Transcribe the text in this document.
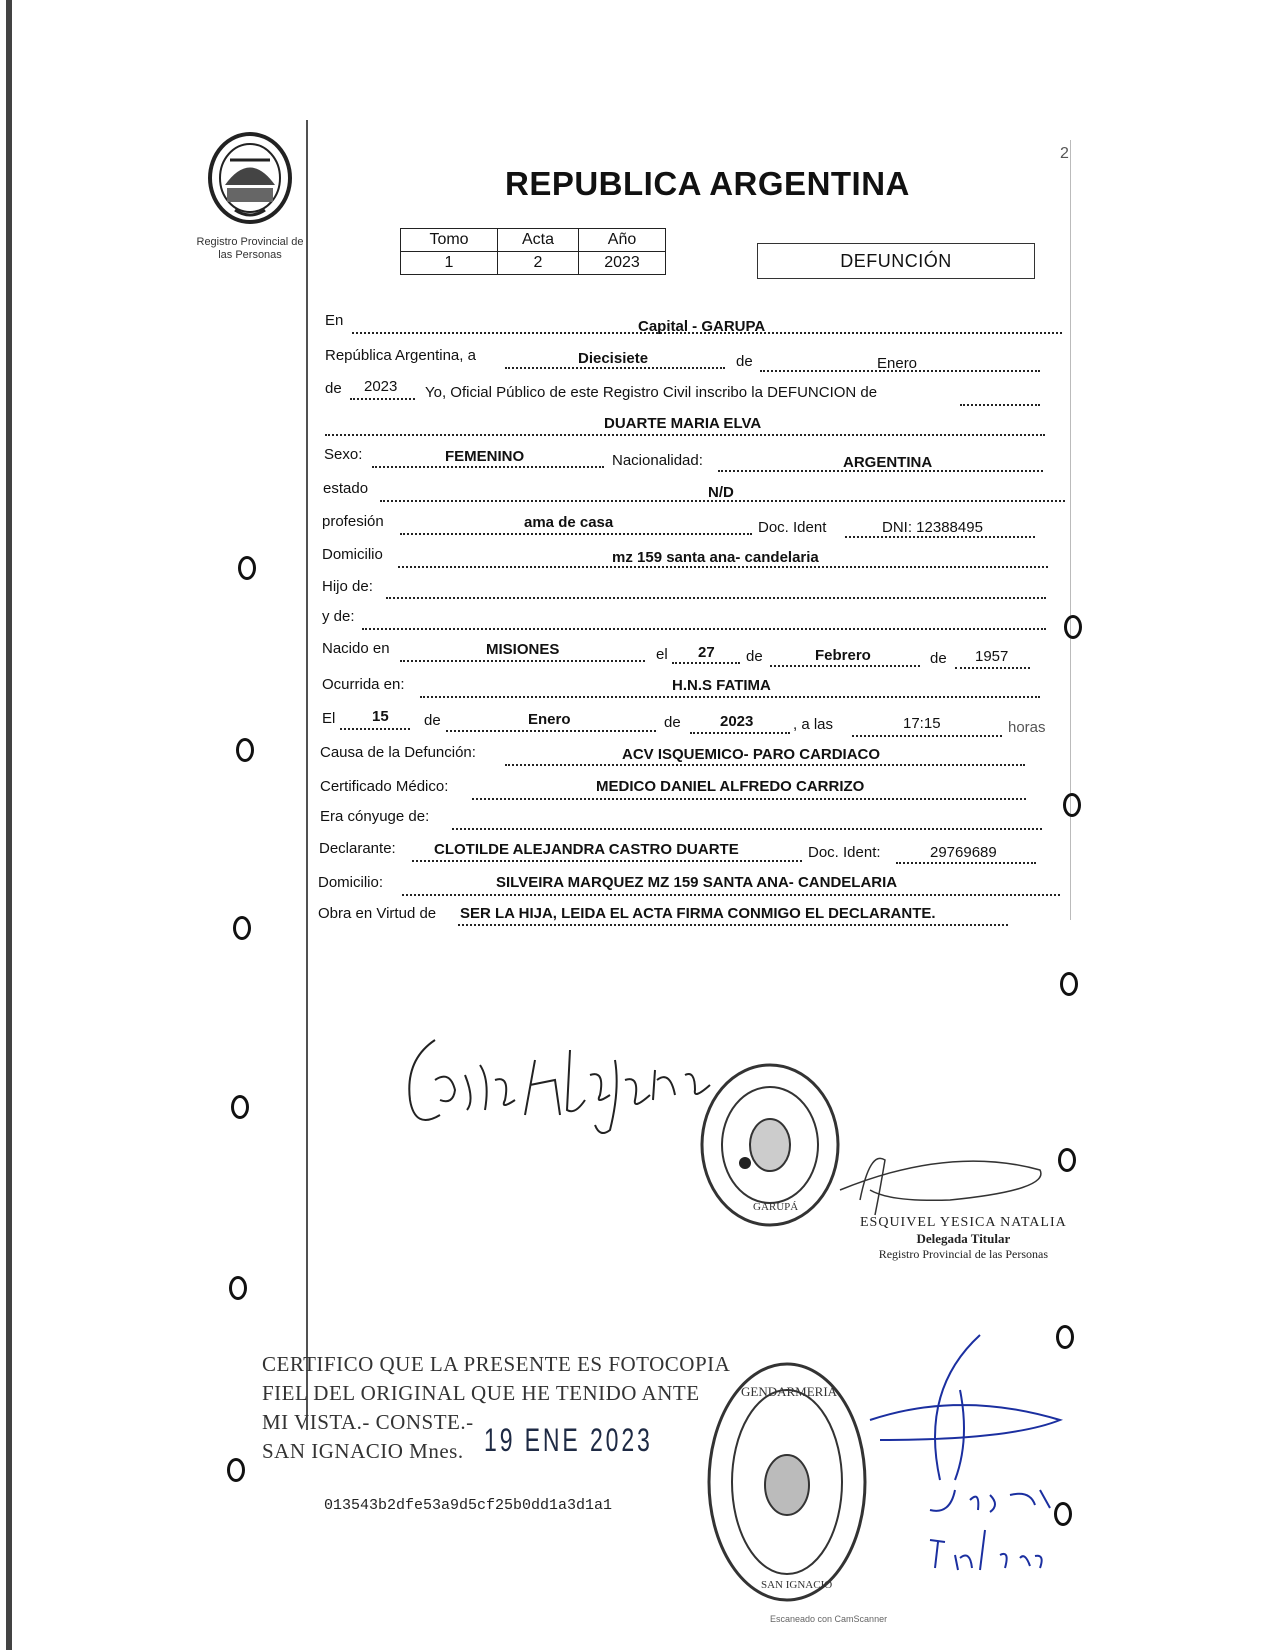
Registro Provincial de
las Personas
REPUBLICA ARGENTINA
2
Tomo	Acta	Año
1	2	2023	DEFUNCIÓN
En	Capital - GARUPA
República Argentina, a	Diecisiete	de	Enero
de 2023 Yo, Oficial Público de este Registro Civil inscribo la DEFUNCION de
DUARTE MARIA ELVA
Sexo:	FEMENINO	Nacionalidad:	ARGENTINA
estado	N/D
profesión	ama de casa	Doc. Ident	DNI: 12388495
Domicilio	mz 159 santa ana- candelaria
Hijo de:
y de:
Nacido en	MISIONES	el 27 de	Febrero	de 1957
Ocurrida en:	H.N.S FATIMA
El 15 de	Enero	de	2023	, a las	17:15	horas
Causa de la Defunción:	ACV ISQUEMICO- PARO CARDIACO
Certificado Médico:	MEDICO DANIEL ALFREDO CARRIZO
Era cónyuge de:
Declarante:	CLOTILDE ALEJANDRA CASTRO DUARTE	Doc. Ident:	29769689
Domicilio:	SILVEIRA MARQUEZ MZ 159 SANTA ANA- CANDELARIA
Obra en Virtud de SER LA HIJA, LEIDA EL ACTA FIRMA CONMIGO EL DECLARANTE.
GARUPÁ
ESQUIVEL YESICA NATALIA
Delegada Titular
Registro Provincial de las Personas
CERTIFICO QUE LA PRESENTE ES FOTOCOPIA
FIEL DEL ORIGINAL QUE HE TENIDO ANTE
MI VISTA.- CONSTE.-
SAN IGNACIO Mnes. 19 ENE 2023
013543b2dfe53a9d5cf25b0dd1a3d1a1
GENDARMERIA
SAN IGNACIO
Escaneado con CamScanner
